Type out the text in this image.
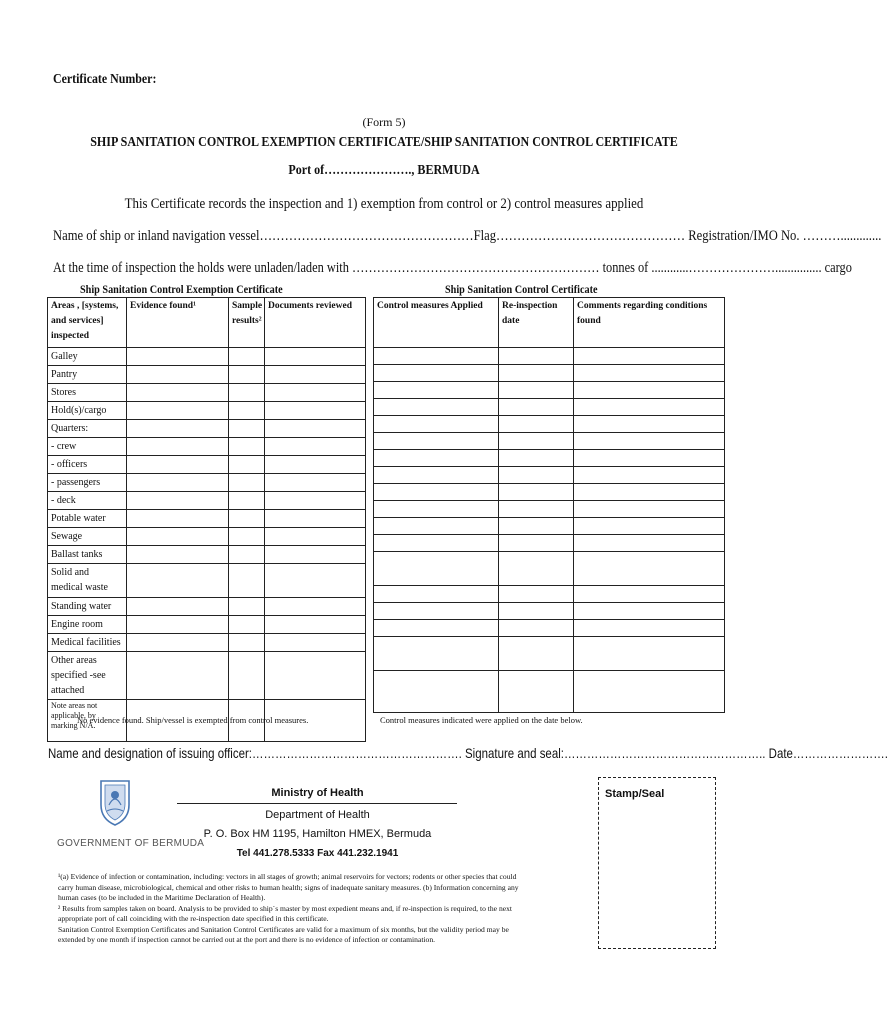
Certificate Number:
(Form 5)
SHIP SANITATION CONTROL EXEMPTION CERTIFICATE/SHIP SANITATION CONTROL CERTIFICATE
Port of…………………., BERMUDA
This Certificate records the inspection and 1) exemption from control or 2) control measures applied
Name of ship or inland navigation vessel……………………………………………Flag……………………………………… Registration/IMO No. ……….............
At the time of inspection the holds were unladen/laden with …………………………………………………… tonnes of ............…………………............... cargo
Ship Sanitation Control Exemption Certificate	Ship Sanitation Control Certificate
Areas , [systems, and services] inspected	Evidence found¹	Sample results²	Documents reviewed
Galley			
Pantry			
Stores			
Hold(s)/cargo			
Quarters:			
- crew			
- officers			
- passengers			
- deck			
Potable water			
Sewage			
Ballast tanks			
Solid and medical waste			
Standing water			
Engine room			
Medical facilities			
Other areas specified -see attached			
Note areas not applicable, by marking N/A.			
Control measures Applied	Re-inspection date	Comments regarding conditions found

No evidence found. Ship/vessel is exempted from control measures.	Control measures indicated were applied on the date below.
Name and designation of issuing officer:………………………………………………. Signature and seal:…………………………………………….. Date…………………….
GOVERNMENT OF BERMUDA
Ministry of Health
Department of Health
P. O. Box HM 1195, Hamilton HMEX, Bermuda
Tel 441.278.5333 Fax 441.232.1941
Stamp/Seal

¹(a) Evidence of infection or contamination, including: vectors in all stages of growth; animal reservoirs for vectors; rodents or other species that could carry human disease, microbiological, chemical and other risks to human health; signs of inadequate sanitary measures. (b) Information concerning any human cases (to be included in the Maritime Declaration of Health).

² Results from samples taken on board. Analysis to be provided to ship`s master by most expedient means and, if re-inspection is required, to the next appropriate port of call coinciding with the re-inspection date specified in this certificate.

Sanitation Control Exemption Certificates and Sanitation Control Certificates are valid for a maximum of six months, but the validity period may be extended by one month if inspection cannot be carried out at the port and there is no evidence of infection or contamination.
